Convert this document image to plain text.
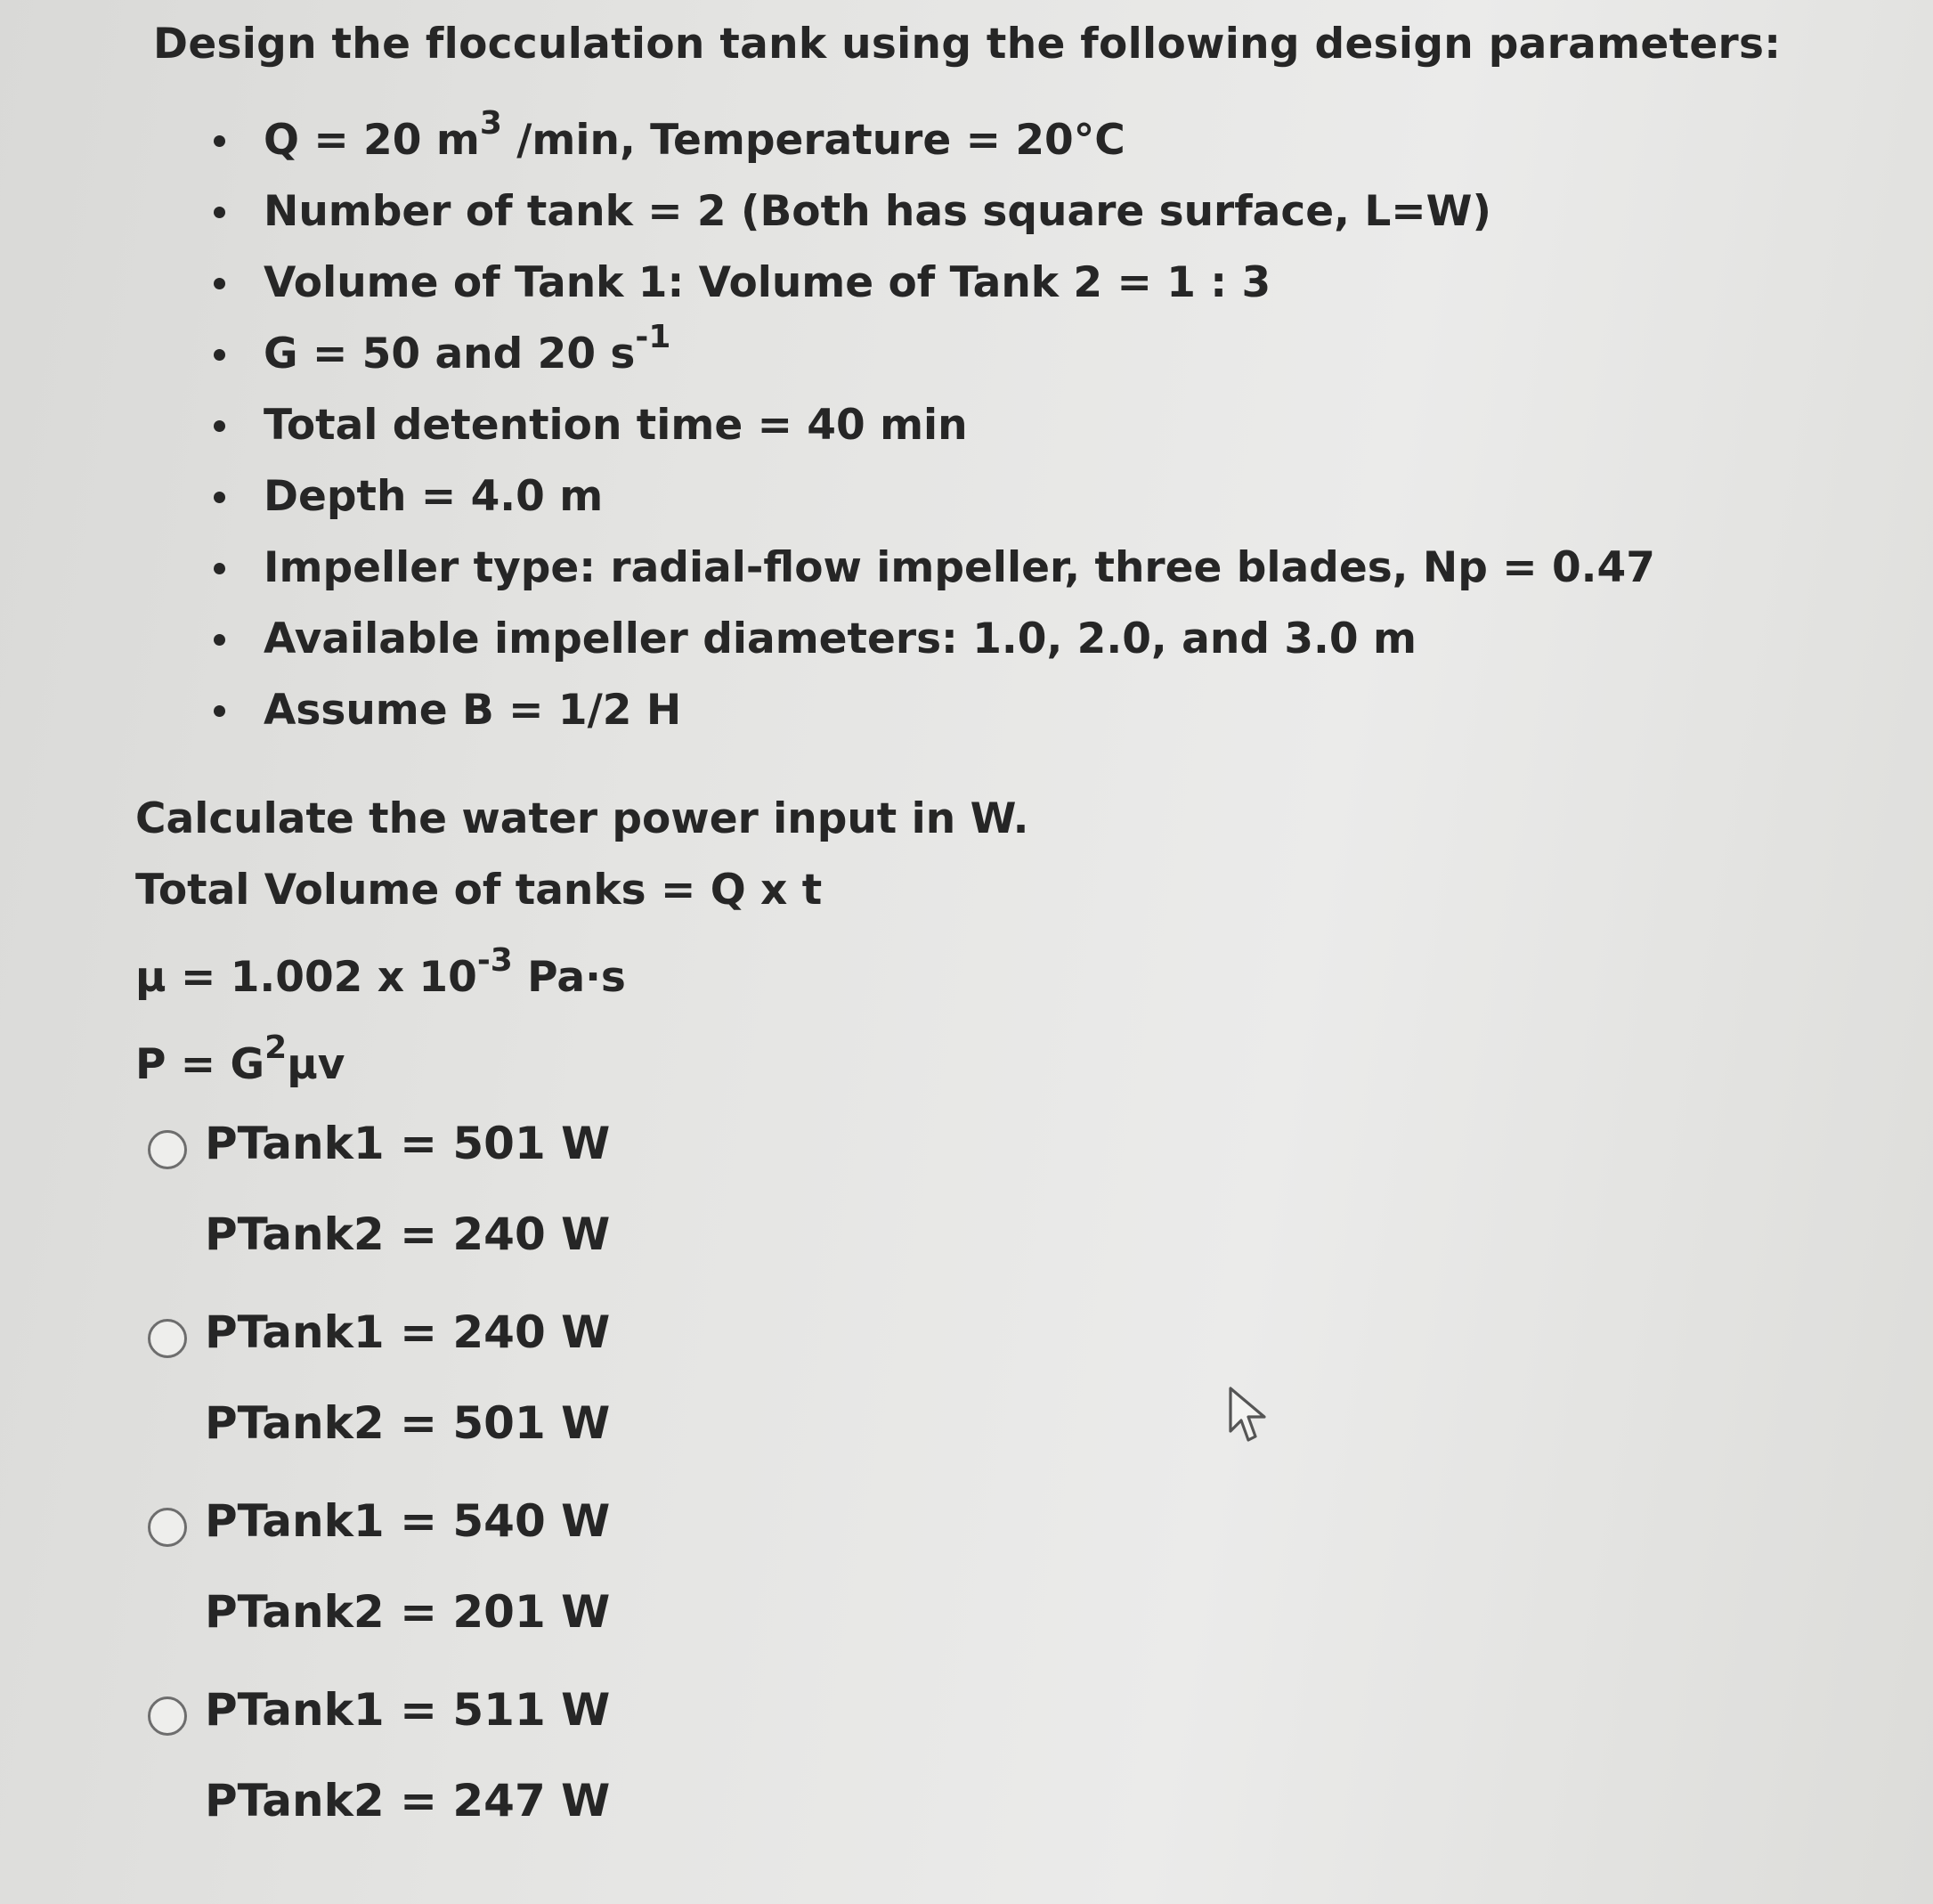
Design the flocculation tank using the following design parameters:
Q = 20 $m^3$ /min, Temperature = 20°C
Number of tank = 2 (Both has square surface, L=W)
Volume of Tank 1: Volume of Tank 2 = 1 : 3
G = 50 and 20 $s^{-1}$
Total detention time = 40 min
Depth = 4.0 m
Impeller type: radial-flow impeller, three blades, Np = 0.47
Available impeller diameters: 1.0, 2.0, and 3.0 m
Assume B = 1/2 H
Calculate the water power input in W.
Total Volume of tanks = Q x t
μ = 1.002 x $10^{-3}$ Pa·s
$P = G^2\mu v$
PTank1 = 501 W
PTank2 = 240 W
PTank1 = 240 W
PTank2 = 501 W
PTank1 = 540 W
PTank2 = 201 W
PTank1 = 511 W
PTank2 = 247 W
